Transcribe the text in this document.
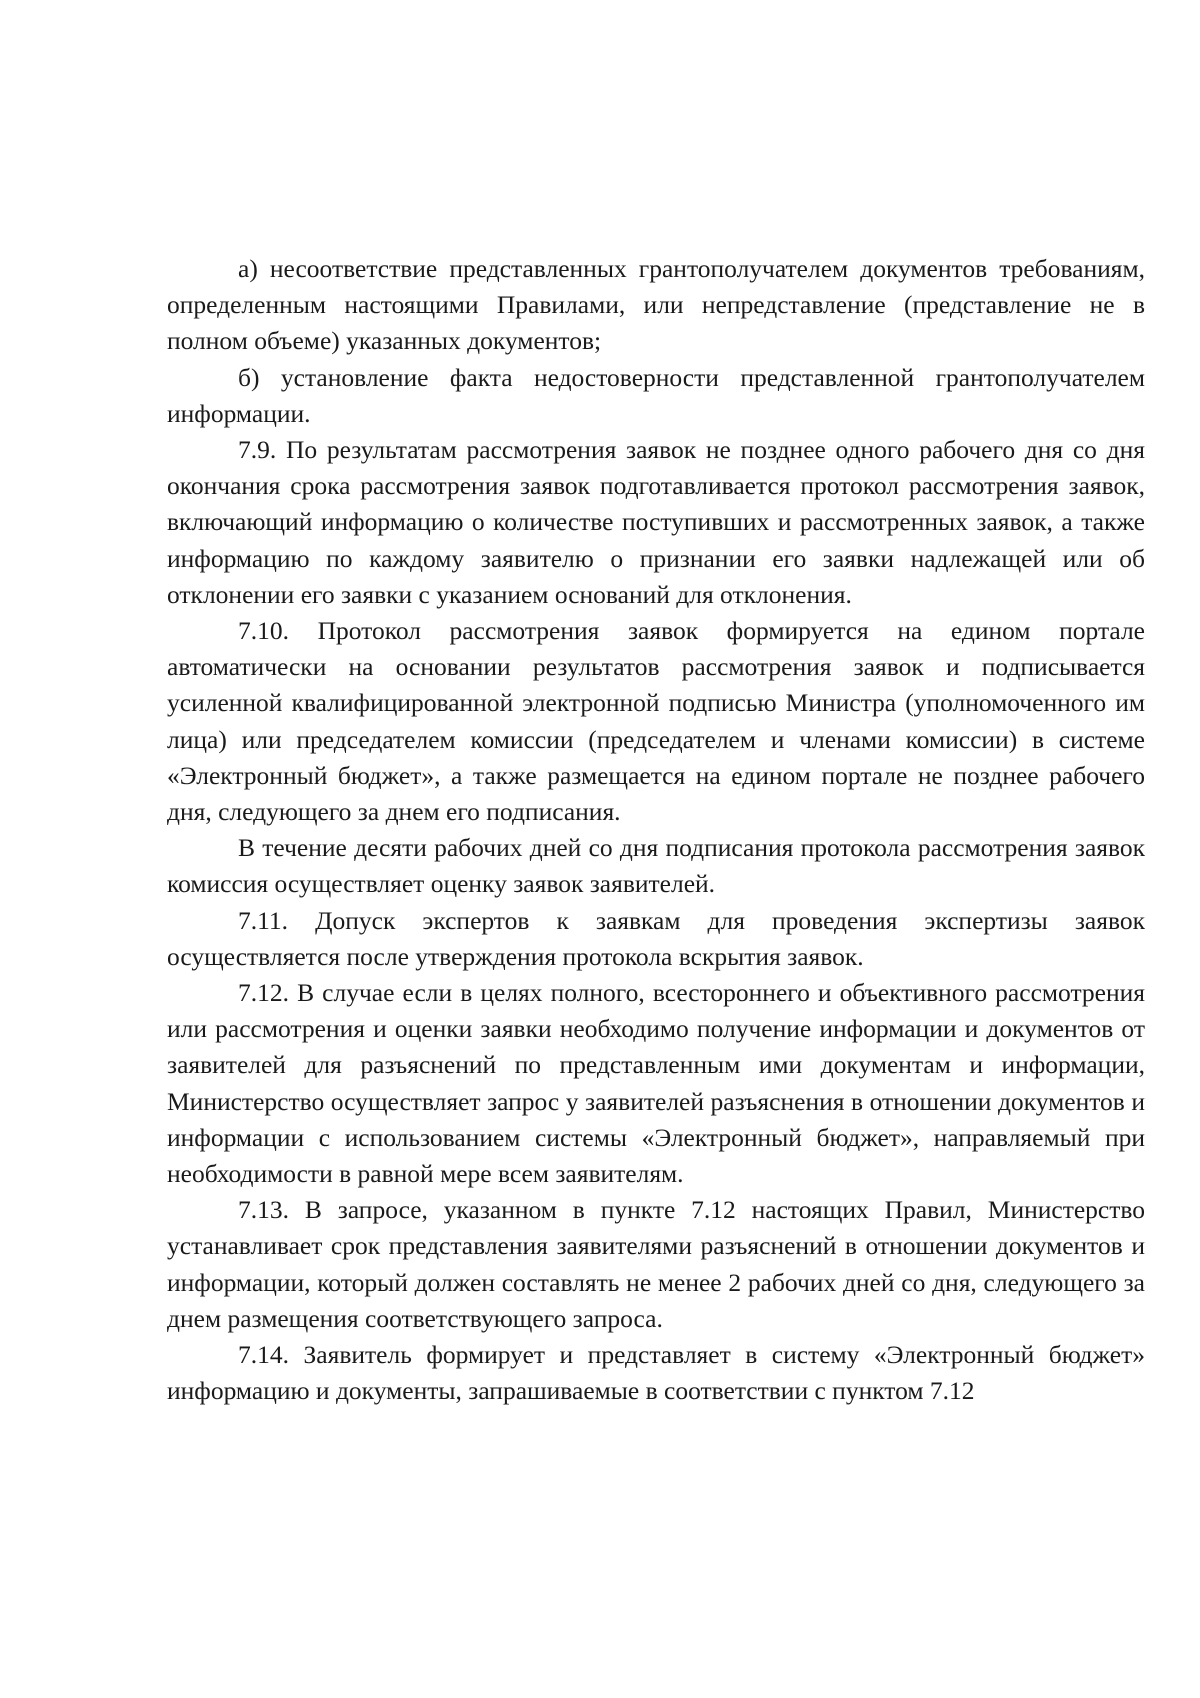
а) несоответствие представленных грантополучателем документов требованиям, определенным настоящими Правилами, или непредставление (представление не в полном объеме) указанных документов;

б) установление факта недостоверности представленной грантополучателем информации.

7.9. По результатам рассмотрения заявок не позднее одного рабочего дня со дня окончания срока рассмотрения заявок подготавливается протокол рассмотрения заявок, включающий информацию о количестве поступивших и рассмотренных заявок, а также информацию по каждому заявителю о признании его заявки надлежащей или об отклонении его заявки с указанием оснований для отклонения.

7.10. Протокол рассмотрения заявок формируется на едином портале автоматически на основании результатов рассмотрения заявок и подписывается усиленной квалифицированной электронной подписью Министра (уполномоченного им лица) или председателем комиссии (председателем и членами комиссии) в системе «Электронный бюджет», а также размещается на едином портале не позднее рабочего дня, следующего за днем его подписания.

В течение десяти рабочих дней со дня подписания протокола рассмотрения заявок комиссия осуществляет оценку заявок заявителей.

7.11. Допуск экспертов к заявкам для проведения экспертизы заявок осуществляется после утверждения протокола вскрытия заявок.

7.12. В случае если в целях полного, всестороннего и объективного рассмотрения или рассмотрения и оценки заявки необходимо получение информации и документов от заявителей для разъяснений по представленным ими документам и информации, Министерство осуществляет запрос у заявителей разъяснения в отношении документов и информации с использованием системы «Электронный бюджет», направляемый при необходимости в равной мере всем заявителям.

7.13. В запросе, указанном в пункте 7.12 настоящих Правил, Министерство устанавливает срок представления заявителями разъяснений в отношении документов и информации, который должен составлять не менее 2 рабочих дней со дня, следующего за днем размещения соответствующего запроса.

7.14. Заявитель формирует и представляет в систему «Электронный бюджет» информацию и документы, запрашиваемые в соответствии с пунктом 7.12
